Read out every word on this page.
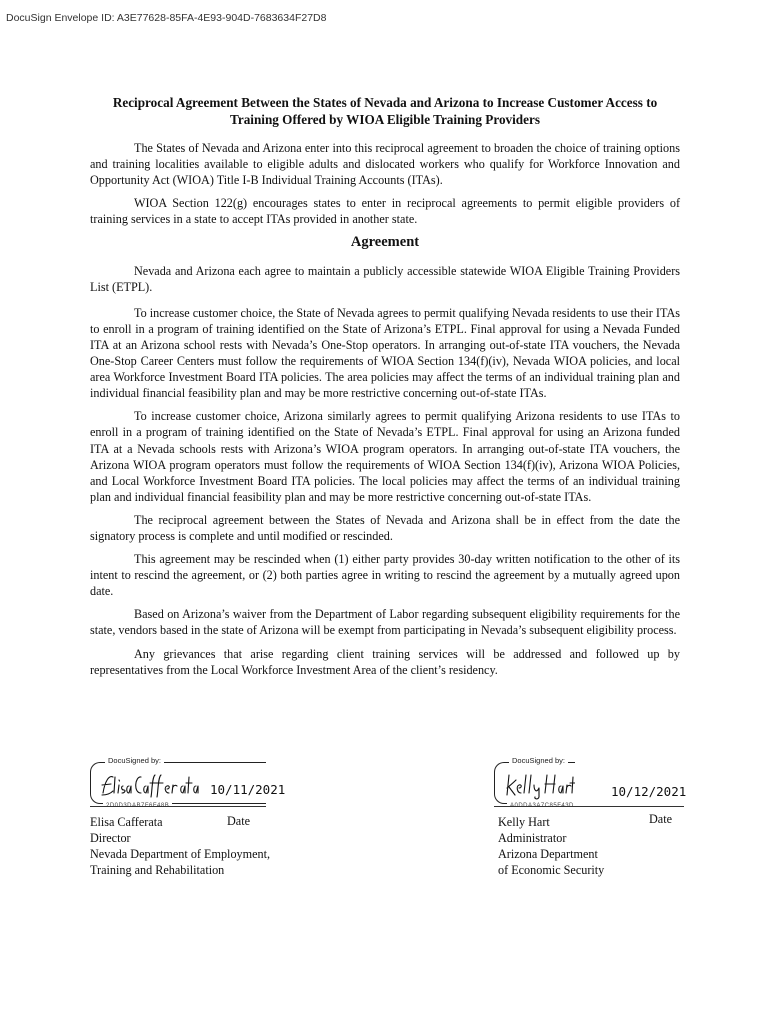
DocuSign Envelope ID: A3E77628-85FA-4E93-904D-7683634F27D8
Reciprocal Agreement Between the States of Nevada and Arizona to Increase Customer Access to Training Offered by WIOA Eligible Training Providers

The States of Nevada and Arizona enter into this reciprocal agreement to broaden the choice of training options and training localities available to eligible adults and dislocated workers who qualify for Workforce Innovation and Opportunity Act (WIOA) Title I-B Individual Training Accounts (ITAs).

WIOA Section 122(g) encourages states to enter in reciprocal agreements to permit eligible providers of training services in a state to accept ITAs provided in another state.

Agreement

Nevada and Arizona each agree to maintain a publicly accessible statewide WIOA Eligible Training Providers List (ETPL).

To increase customer choice, the State of Nevada agrees to permit qualifying Nevada residents to use their ITAs to enroll in a program of training identified on the State of Arizona’s ETPL. Final approval for using a Nevada Funded ITA at an Arizona school rests with Nevada’s One-Stop operators. In arranging out-of-state ITA vouchers, the Nevada One-Stop Career Centers must follow the requirements of WIOA Section 134(f)(iv), Nevada WIOA policies, and local area Workforce Investment Board ITA policies. The area policies may affect the terms of an individual training plan and individual financial feasibility plan and may be more restrictive concerning out-of-state ITAs.

To increase customer choice, Arizona similarly agrees to permit qualifying Arizona residents to use ITAs to enroll in a program of training identified on the State of Nevada’s ETPL. Final approval for using an Arizona funded ITA at a Nevada schools rests with Arizona’s WIOA program operators. In arranging out-of-state ITA vouchers, the Arizona WIOA program operators must follow the requirements of WIOA Section 134(f)(iv), Arizona WIOA Policies, and Local Workforce Investment Board ITA policies. The local policies may affect the terms of an individual training plan and individual financial feasibility plan and may be more restrictive concerning out-of-state ITAs.

The reciprocal agreement between the States of Nevada and Arizona shall be in effect from the date the signatory process is complete and until modified or rescinded.

This agreement may be rescinded when (1) either party provides 30-day written notification to the other of its intent to rescind the agreement, or (2) both parties agree in writing to rescind the agreement by a mutually agreed upon date.

Based on Arizona’s waiver from the Department of Labor regarding subsequent eligibility requirements for the state, vendors based in the state of Arizona will be exempt from participating in Nevada’s subsequent eligibility process.

Any grievances that arise regarding client training services will be addressed and followed up by representatives from the Local Workforce Investment Area of the client’s residency.

DocuSigned by:
2D0D3DAB7F6F48B
10/11/2021
Elisa Cafferata
Director
Nevada Department of Employment,
Training and Rehabilitation
Date
DocuSigned by:
A0DDA3A7C85F43D
10/12/2021
Kelly Hart
Administrator
Arizona Department
of Economic Security
Date
